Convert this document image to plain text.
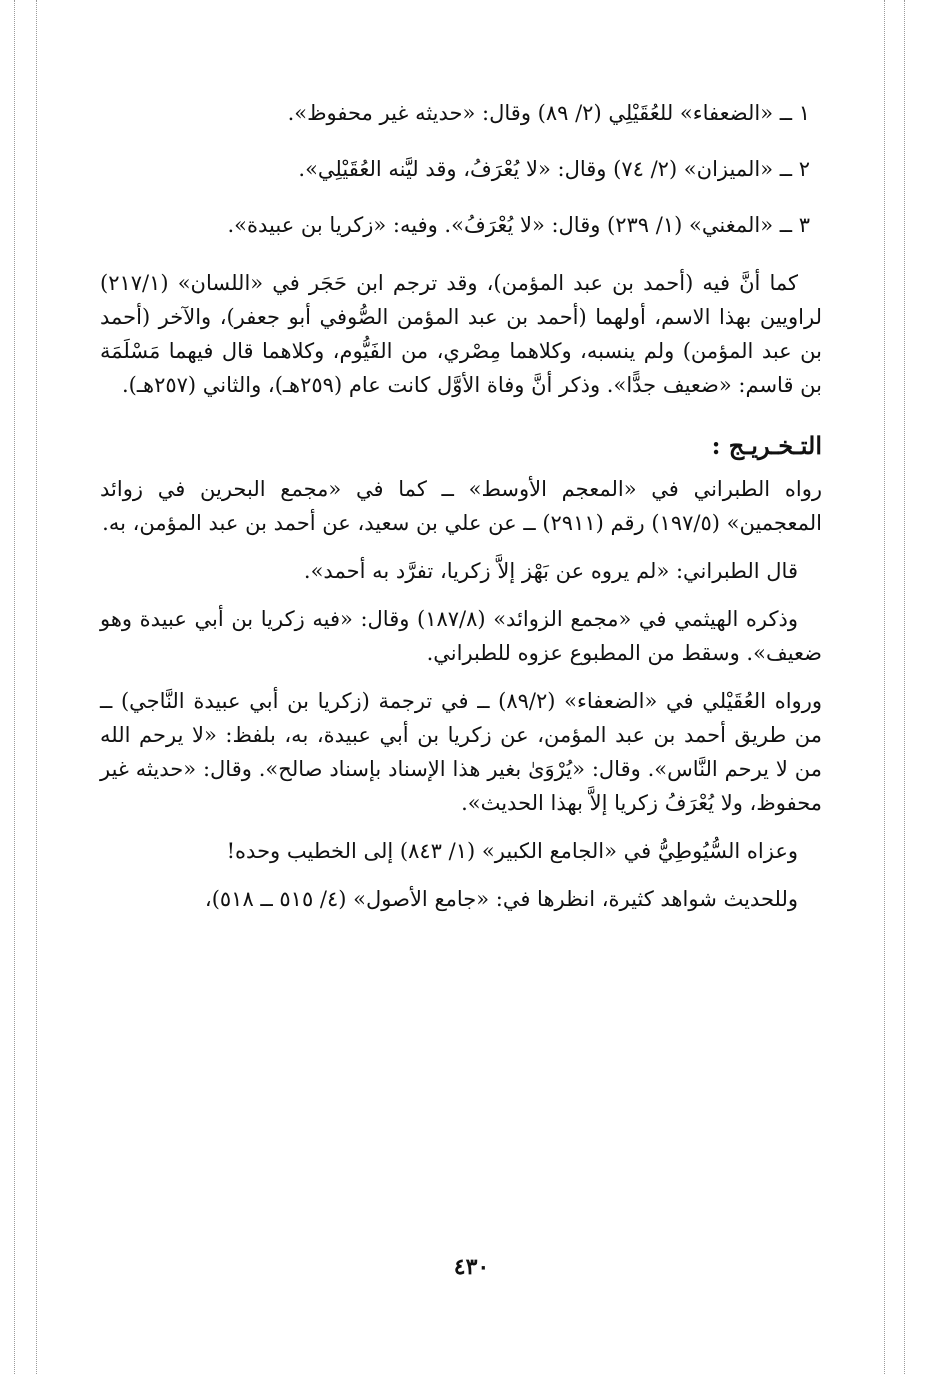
١ ــ «الضعفاء» للعُقَيْلِي (٢/ ٨٩) وقال: «حديثه غير محفوظ».
٢ ــ «الميزان» (٢/ ٧٤) وقال: «لا يُعْرَفُ، وقد ليَّنه العُقَيْلِي».
٣ ــ «المغني» (١/ ٢٣٩) وقال: «لا يُعْرَفُ». وفيه: «زكريا بن عبيدة».

كما أنَّ فيه (أحمد بن عبد المؤمن)، وقد ترجم ابن حَجَر في «اللسان» (٢١٧/١) لراويين بهذا الاسم، أولهما (أحمد بن عبد المؤمن الصُّوفي أبو جعفر)، والآخر (أحمد بن عبد المؤمن) ولم ينسبه، وكلاهما مِصْري، من الفَيُّوم، وكلاهما قال فيهما مَسْلَمَة بن قاسم: «ضعيف جدًّا». وذكر أنَّ وفاة الأوَّل كانت عام (٢٥٩هـ)، والثاني (٢٥٧هـ).

التـخـريـج :

رواه الطبراني في «المعجم الأوسط» ــ كما في «مجمع البحرين في زوائد المعجمين» (١٩٧/٥) رقم (٢٩١١) ــ عن علي بن سعيد، عن أحمد بن عبد المؤمن، به.

قال الطبراني: «لم يروه عن بَهْز إلاَّ زكريا، تفرَّد به أحمد».

وذكره الهيثمي في «مجمع الزوائد» (١٨٧/٨) وقال: «فيه زكريا بن أبي عبيدة وهو ضعيف». وسقط من المطبوع عزوه للطبراني.

ورواه العُقَيْلي في «الضعفاء» (٨٩/٢) ــ في ترجمة (زكريا بن أبي عبيدة النَّاجي) ــ من طريق أحمد بن عبد المؤمن، عن زكريا بن أبي عبيدة، به، بلفظ: «لا يرحم الله من لا يرحم النَّاس». وقال: «يُرْوَىٰ بغير هذا الإسناد بإسناد صالح». وقال: «حديثه غير محفوظ، ولا يُعْرَفُ زكريا إلاَّ بهذا الحديث».

وعزاه السُّيُوطِيُّ في «الجامع الكبير» (١/ ٨٤٣) إلى الخطيب وحده!

وللحديث شواهد كثيرة، انظرها في: «جامع الأصول» (٤/ ٥١٥ ــ ٥١٨)،

٤٣٠
